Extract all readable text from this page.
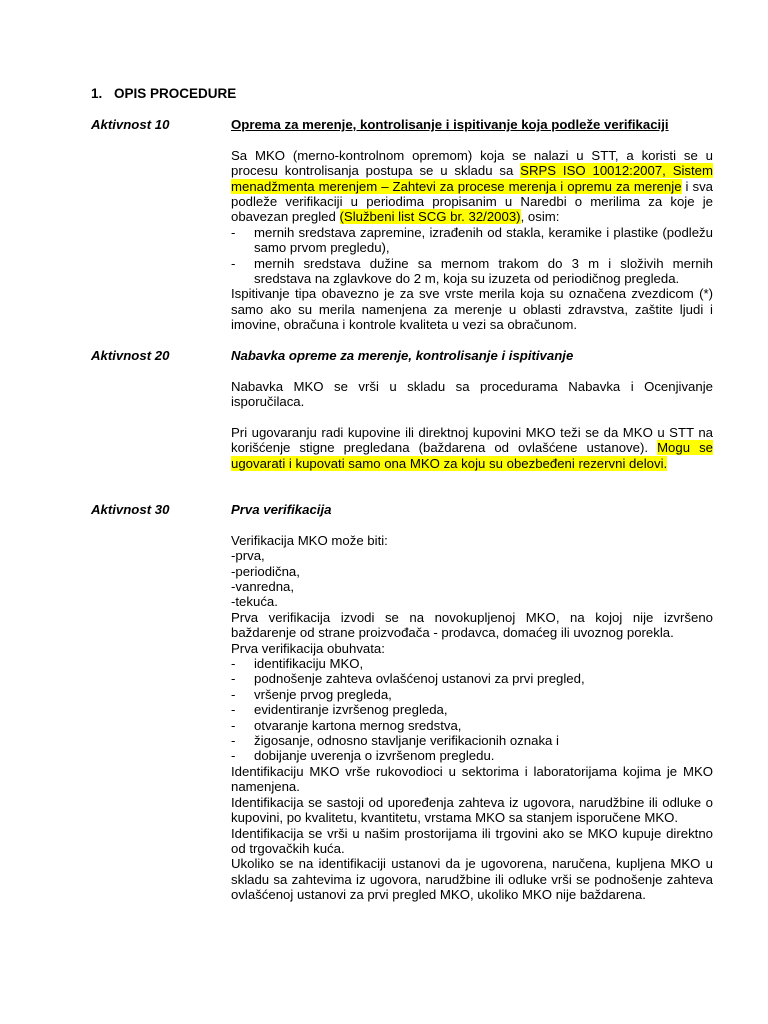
1. OPIS PROCEDURE
Aktivnost 10	Oprema za merenje, kontrolisanje i ispitivanje koja podleže verifikaciji

Sa MKO (merno-kontrolnom opremom) koja se nalazi u STT, a koristi se u procesu kontrolisanja postupa se u skladu sa SRPS ISO 10012:2007, Sistem menadžmenta merenjem – Zahtevi za procese merenja i opremu za merenje i sva podleže verifikaciji u periodima propisanim u Naredbi o merilima za koje je obavezan pregled (Službeni list SCG br. 32/2003), osim:

- mernih sredstava zapremine, izrađenih od stakla, keramike i plastike (podležu samo prvom pregledu),
- mernih sredstava dužine sa mernom trakom do 3 m i složivih mernih sredstava na zglavkove do 2 m, koja su izuzeta od periodičnog pregleda.

Ispitivanje tipa obavezno je za sve vrste merila koja su označena zvezdicom (*) samo ako su merila namenjena za merenje u oblasti zdravstva, zaštite ljudi i imovine, obračuna i kontrole kvaliteta u vezi sa obračunom.

Aktivnost 20	Nabavka opreme za merenje, kontrolisanje i ispitivanje

Nabavka MKO se vrši u skladu sa procedurama Nabavka i Ocenjivanje isporučilaca.

Pri ugovaranju radi kupovine ili direktnoj kupovini MKO teži se da MKO u STT na korišćenje stigne pregledana (baždarena od ovlašćene ustanove). Mogu se ugovarati i kupovati samo ona MKO za koju su obezbeđeni rezervni delovi.

Aktivnost 30	Prva verifikacija

Verifikacija MKO može biti:

-prva,

-periodična,

-vanredna,

-tekuća.

Prva verifikacija izvodi se na novokupljenoj MKO, na kojoj nije izvršeno baždarenje od strane proizvođača - prodavca, domaćeg ili uvoznog porekla.

Prva verifikacija obuhvata:

- identifikaciju MKO,
- podnošenje zahteva ovlašćenoj ustanovi za prvi pregled,
- vršenje prvog pregleda,
- evidentiranje izvršenog pregleda,
- otvaranje kartona mernog sredstva,
- žigosanje, odnosno stavljanje verifikacionih oznaka i
- dobijanje uverenja o izvršenom pregledu.

Identifikaciju MKO vrše rukovodioci u sektorima i laboratorijama kojima je MKO namenjena.

Identifikacija se sastoji od upoređenja zahteva iz ugovora, narudžbine ili odluke o kupovini, po kvalitetu, kvantitetu, vrstama MKO sa stanjem isporučene MKO.

Identifikacija se vrši u našim prostorijama ili trgovini ako se MKO kupuje direktno od trgovačkih kuća.

Ukoliko se na identifikaciji ustanovi da je ugovorena, naručena, kupljena MKO u skladu sa zahtevima iz ugovora, narudžbine ili odluke vrši se podnošenje zahteva ovlašćenoj ustanovi za prvi pregled MKO, ukoliko MKO nije baždarena.
